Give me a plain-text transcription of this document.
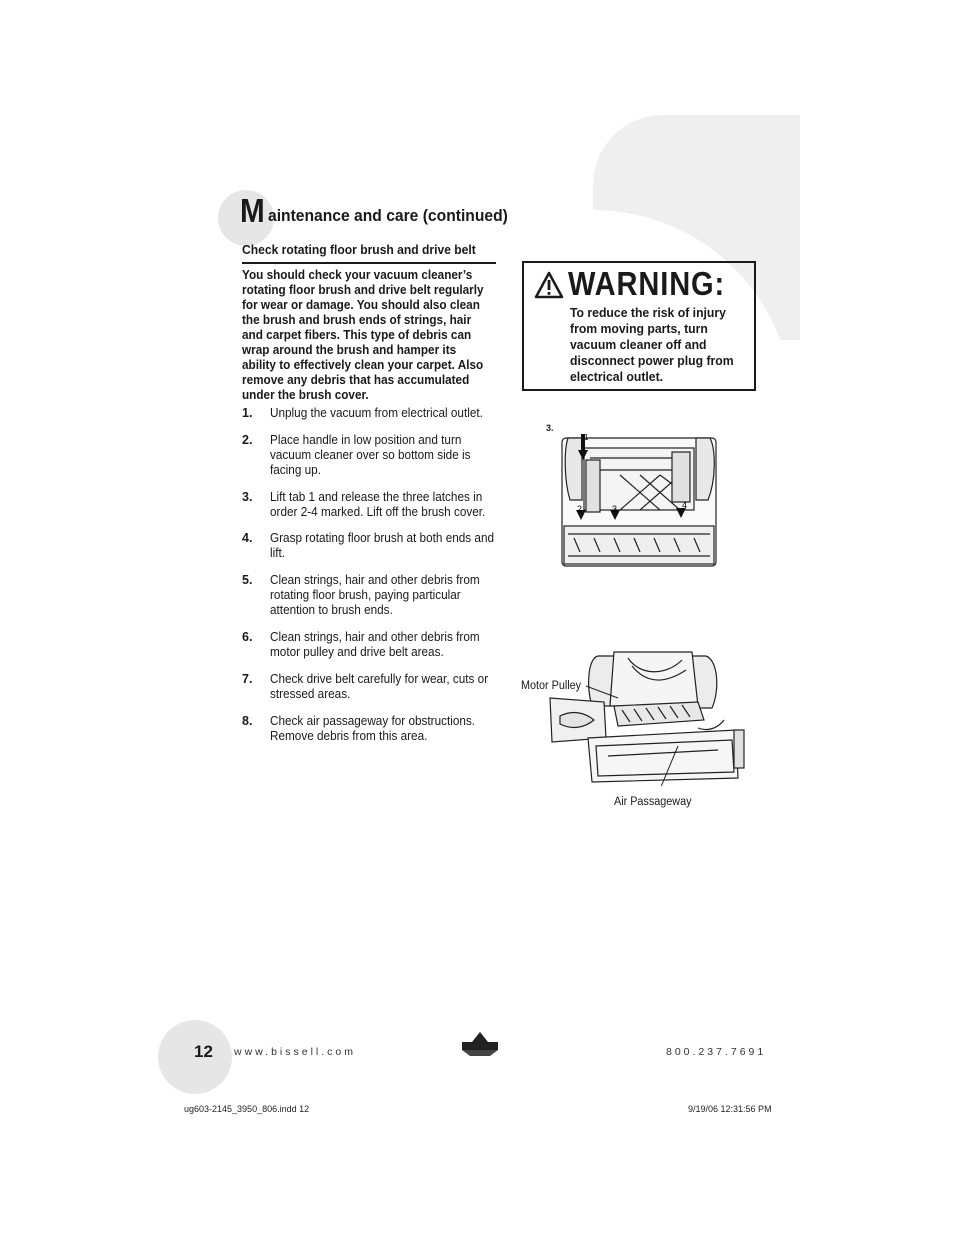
M aintenance and care (continued)
Check rotating floor brush and drive belt
You should check your vacuum cleaner’s rotating floor brush and drive belt regularly for wear or damage. You should also clean the brush and brush ends of strings, hair and carpet fibers. This type of debris can wrap around the brush and hamper its ability to effectively clean your carpet. Also remove any debris that has accumulated under the brush cover.
1. Unplug the vacuum from electrical outlet.
2. Place handle in low position and turn vacuum cleaner over so bottom side is facing up.
3. Lift tab 1 and release the three latches in order 2-4 marked. Lift off the brush cover.
4. Grasp rotating floor brush at both ends and lift.
5. Clean strings, hair and other debris from rotating floor brush, paying particular attention to brush ends.
6. Clean strings, hair and other debris from motor pulley and drive belt areas.
7. Check drive belt carefully for wear, cuts or stressed areas.
8. Check air passageway for obstructions. Remove debris from this area.
WARNING:
To reduce the risk of injury from moving parts, turn vacuum cleaner off and disconnect power plug from electrical outlet.
3.
1
2	3	4
Motor Pulley
Air Passageway
12 www.bissell.com	800.237.7691
ug603-2145_3950_806.indd 12	9/19/06 12:31:56 PM
